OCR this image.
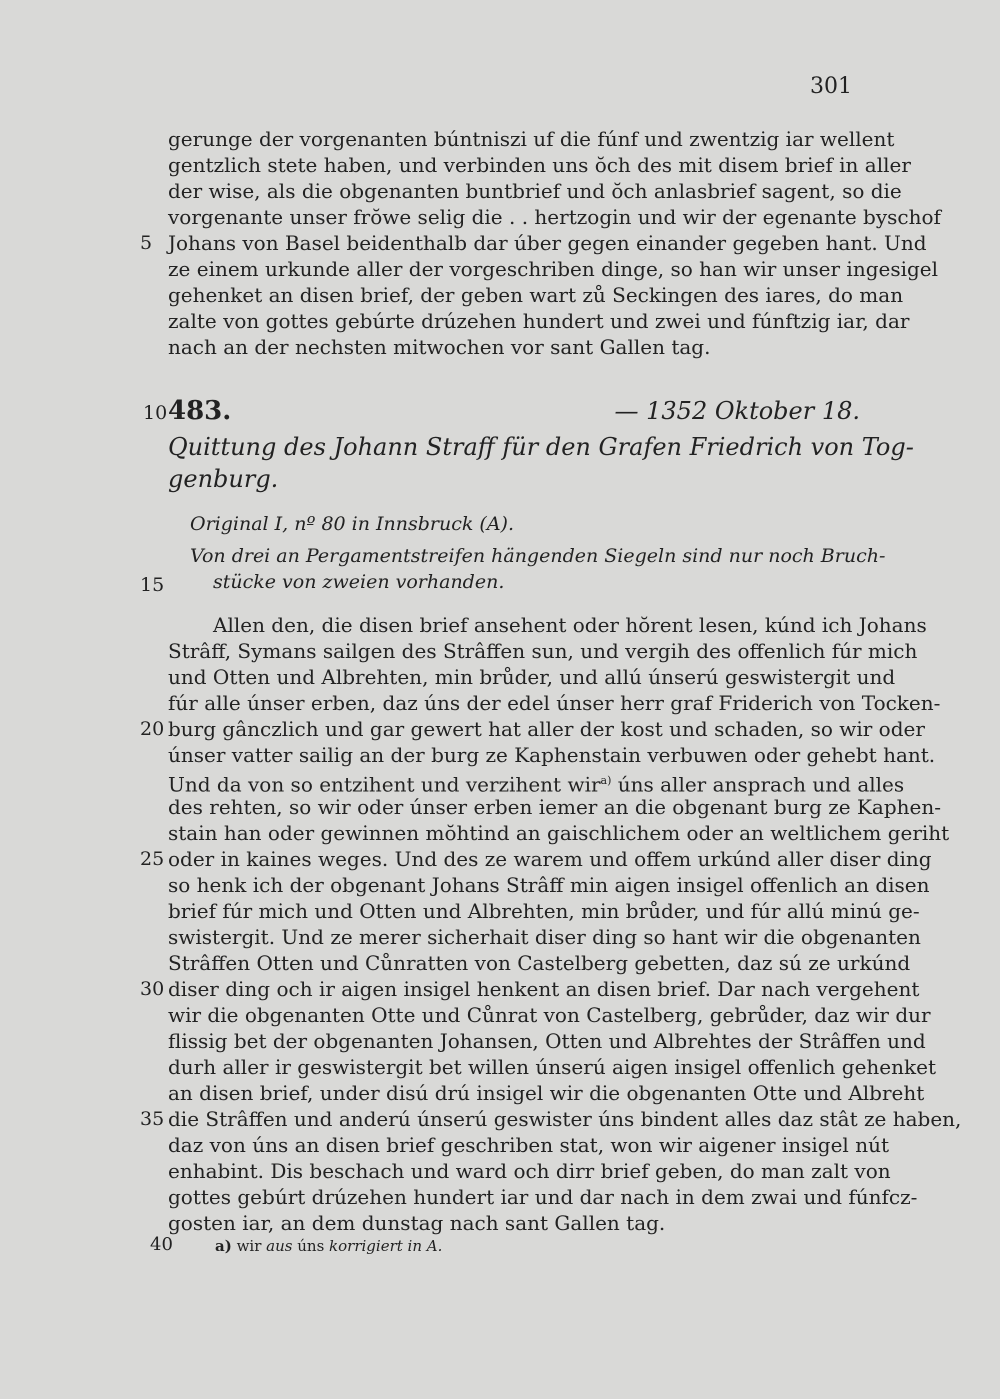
301
gerunge der vorgenanten búntniszi uf die fúnf und zwentzig iar wellent
gentzlich stete haben, und verbinden uns ŏch des mit disem brief in aller
der wise, als die obgenanten buntbrief und ŏch anlasbrief sagent, so die
vorgenante unser frŏwe selig die . . hertzogin und wir der egenante byschof
5 Johans von Basel beidenthalb dar úber gegen einander gegeben hant. Und
ze einem urkunde aller der vorgeschriben dinge, so han wir unser ingesigel
gehenket an disen brief, der geben wart zů Seckingen des iares, do man
zalte von gottes gebúrte drúzehen hundert und zwei und fúnftzig iar, dar
nach an der nechsten mitwochen vor sant Gallen tag.
10 483.	— 1352 Oktober 18.
Quittung des Johann Straff für den Grafen Friedrich von Tog-
genburg.
Original I, nº 80 in Innsbruck (A).
Von drei an Pergamentstreifen hängenden Siegeln sind nur noch Bruch-
15	stücke von zweien vorhanden.
Allen den, die disen brief ansehent oder hŏrent lesen, kúnd ich Johans
Strâff, Symans sailgen des Strâffen sun, und vergih des offenlich fúr mich
und Otten und Albrehten, min brůder, und allú únserú geswistergit und
fúr alle únser erben, daz úns der edel únser herr graf Friderich von Tocken-
20 burg gânczlich und gar gewert hat aller der kost und schaden, so wir oder
únser vatter sailig an der burg ze Kaphenstain verbuwen oder gehebt hant.
Und da von so entzihent und verzihent wir$^{a)}$ úns aller ansprach und alles
des rehten, so wir oder únser erben iemer an die obgenant burg ze Kaphen-
stain han oder gewinnen mŏhtind an gaischlichem oder an weltlichem geriht
25 oder in kaines weges. Und des ze warem und offem urkúnd aller diser ding
so henk ich der obgenant Johans Strâff min aigen insigel offenlich an disen
brief fúr mich und Otten und Albrehten, min brůder, und fúr allú minú ge-
swistergit. Und ze merer sicherhait diser ding so hant wir die obgenanten
Strâffen Otten und Cůnratten von Castelberg gebetten, daz sú ze urkúnd
30 diser ding och ir aigen insigel henkent an disen brief. Dar nach vergehent
wir die obgenanten Otte und Cůnrat von Castelberg, gebrůder, daz wir dur
flissig bet der obgenanten Johansen, Otten und Albrehtes der Strâffen und
durh aller ir geswistergit bet willen únserú aigen insigel offenlich gehenket
an disen brief, under disú drú insigel wir die obgenanten Otte und Albreht
35 die Strâffen und anderú únserú geswister úns bindent alles daz stât ze haben,
daz von úns an disen brief geschriben stat, won wir aigener insigel nút
enhabint. Dis beschach und ward och dirr brief geben, do man zalt von
gottes gebúrt drúzehen hundert iar und dar nach in dem zwai und fúnfcz-
gosten iar, an dem dunstag nach sant Gallen tag.
40	a) wir aus úns korrigiert in A.
